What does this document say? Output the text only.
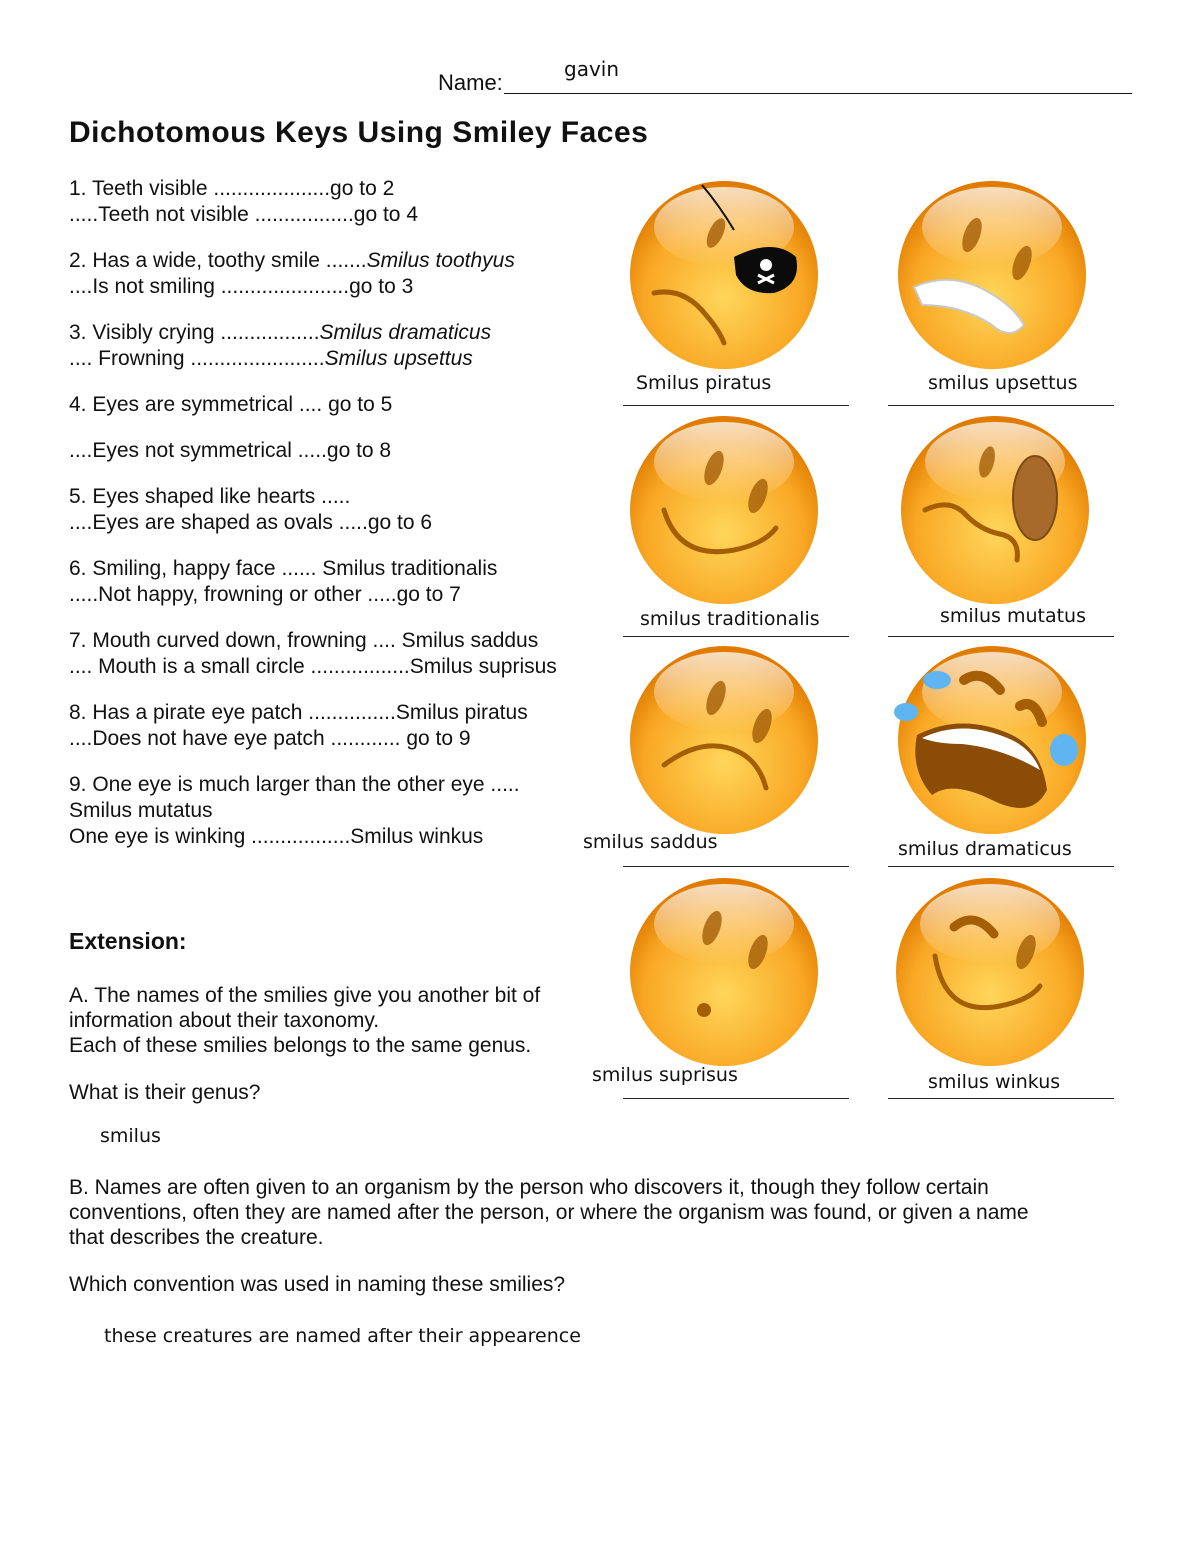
Name:
gavin
Dichotomous Keys Using Smiley Faces

1. Teeth visible ....................go to 2
.....Teeth not visible .................go to 4

2. Has a wide, toothy smile .......Smilus toothyus
....Is not smiling ......................go to 3

3. Visibly crying .................Smilus dramaticus
.... Frowning .......................Smilus upsettus

4. Eyes are symmetrical .... go to 5

....Eyes not symmetrical .....go to 8

5. Eyes shaped like hearts .....
....Eyes are shaped as ovals .....go to 6

6. Smiling, happy face ...... Smilus traditionalis
.....Not happy, frowning or other .....go to 7

7. Mouth curved down, frowning .... Smilus saddus
.... Mouth is a small circle .................Smilus suprisus

8. Has a pirate eye patch ...............Smilus piratus
....Does not have eye patch ............ go to 9

9. One eye is much larger than the other eye .....
Smilus mutatus
One eye is winking .................Smilus winkus

Extension:
A. The names of the smilies give you another bit of
information about their taxonomy.
Each of these smilies belongs to the same genus.
What is their genus?
smilus
B. Names are often given to an organism by the person who discovers it, though they follow certain
conventions, often they are named after the person, or where the organism was found, or given a name
that describes the creature.
Which convention was used in naming these smilies?
these creatures are named after their appearence
Smilus piratus	smilus upsettus
smilus traditionalis	smilus mutatus
smilus saddus	smilus dramaticus
smilus suprisus	smilus winkus
